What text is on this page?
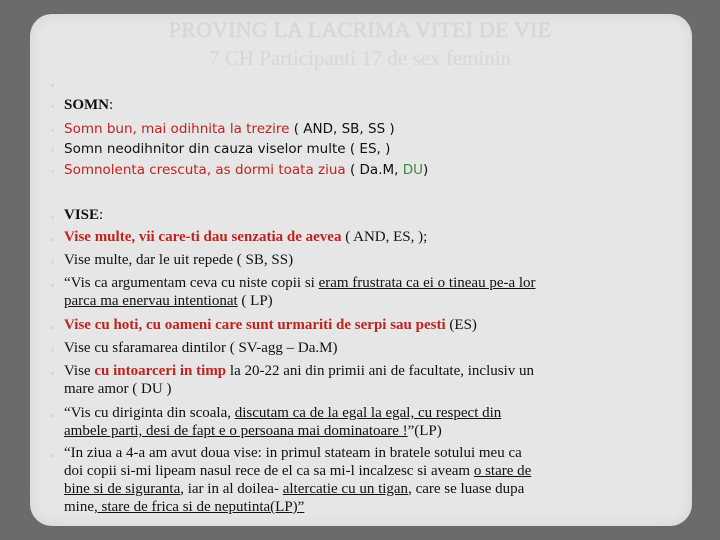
PROVING LA LACRIMA VITEI DE VIE
7 CH Participanti 17 de sex feminin
▫
▫ SOMN:
▫ Somn bun, mai odihnita la trezire ( AND, SB, SS )
▫ Somn neodihnitor din cauza viselor multe ( ES, )
▫ Somnolenta crescuta, as dormi toata ziua ( Da.M, DU)
▫ VISE:
▫ Vise multe, vii care-ti dau senzatia de aevea ( AND, ES, );
▫ Vise multe, dar le uit repede ( SB, SS)
▫ “Vis ca argumentam ceva cu niste copii si eram frustrata ca ei o tineau pe-a lor
parca ma enervau intentionat ( LP)
▫ Vise cu hoti, cu oameni care sunt urmariti de serpi sau pesti (ES)
▫ Vise cu sfaramarea dintilor ( SV-agg – Da.M)
▫ Vise cu intoarceri in timp la 20-22 ani din primii ani de facultate, inclusiv un
mare amor ( DU )
▫ “Vis cu diriginta din scoala, discutam ca de la egal la egal, cu respect din
ambele parti, desi de fapt e o persoana mai dominatoare !”(LP)
▫ “In ziua a 4-a am avut doua vise: in primul stateam in bratele sotului meu ca
doi copii si-mi lipeam nasul rece de el ca sa mi-l incalzesc si aveam o stare de
bine si de siguranta, iar in al doilea- altercatie cu un tigan, care se luase dupa
mine, stare de frica si de neputinta(LP)”
